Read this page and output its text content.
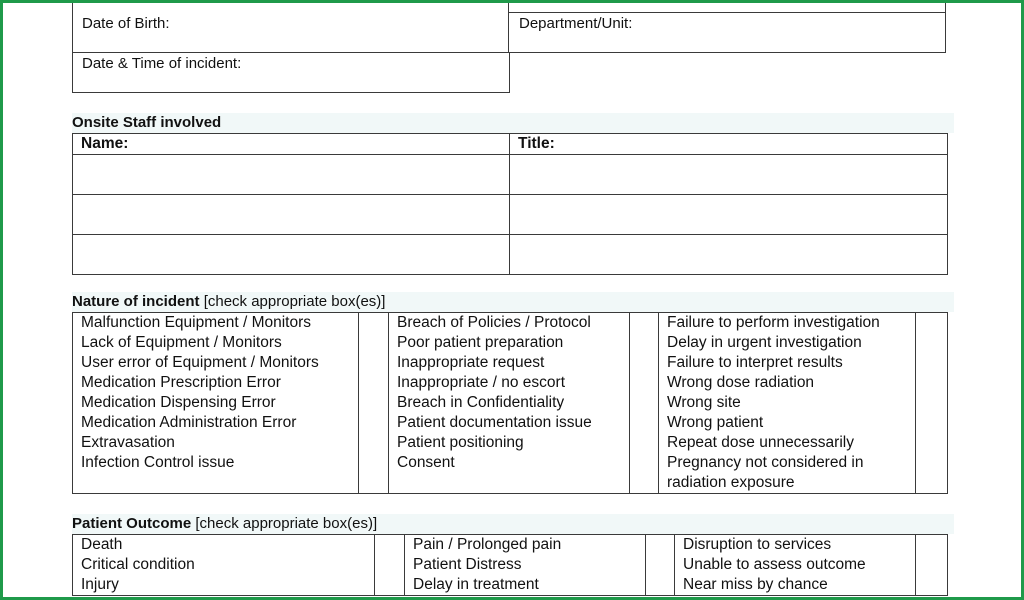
Date of Birth:	Department/Unit:
Date & Time of incident:
Onsite Staff involved
Name:	Title:

Nature of incident [check appropriate box(es)]
Malfunction Equipment / Monitors		Breach of Policies / Protocol		Failure to perform investigation	
Lack of Equipment / Monitors		Poor patient preparation		Delay in urgent investigation	
User error of Equipment / Monitors		Inappropriate request		Failure to interpret results	
Medication Prescription Error		Inappropriate / no escort		Wrong dose radiation	
Medication Dispensing Error		Breach in Confidentiality		Wrong site	
Medication Administration Error		Patient documentation issue		Wrong patient	
Extravasation		Patient positioning		Repeat dose unnecessarily	
Infection Control issue		Consent		Pregnancy not considered in radiation exposure	
Patient Outcome [check appropriate box(es)]
Death		Pain / Prolonged pain		Disruption to services	
Critical condition		Patient Distress		Unable to assess outcome	
Injury		Delay in treatment		Near miss by chance	
